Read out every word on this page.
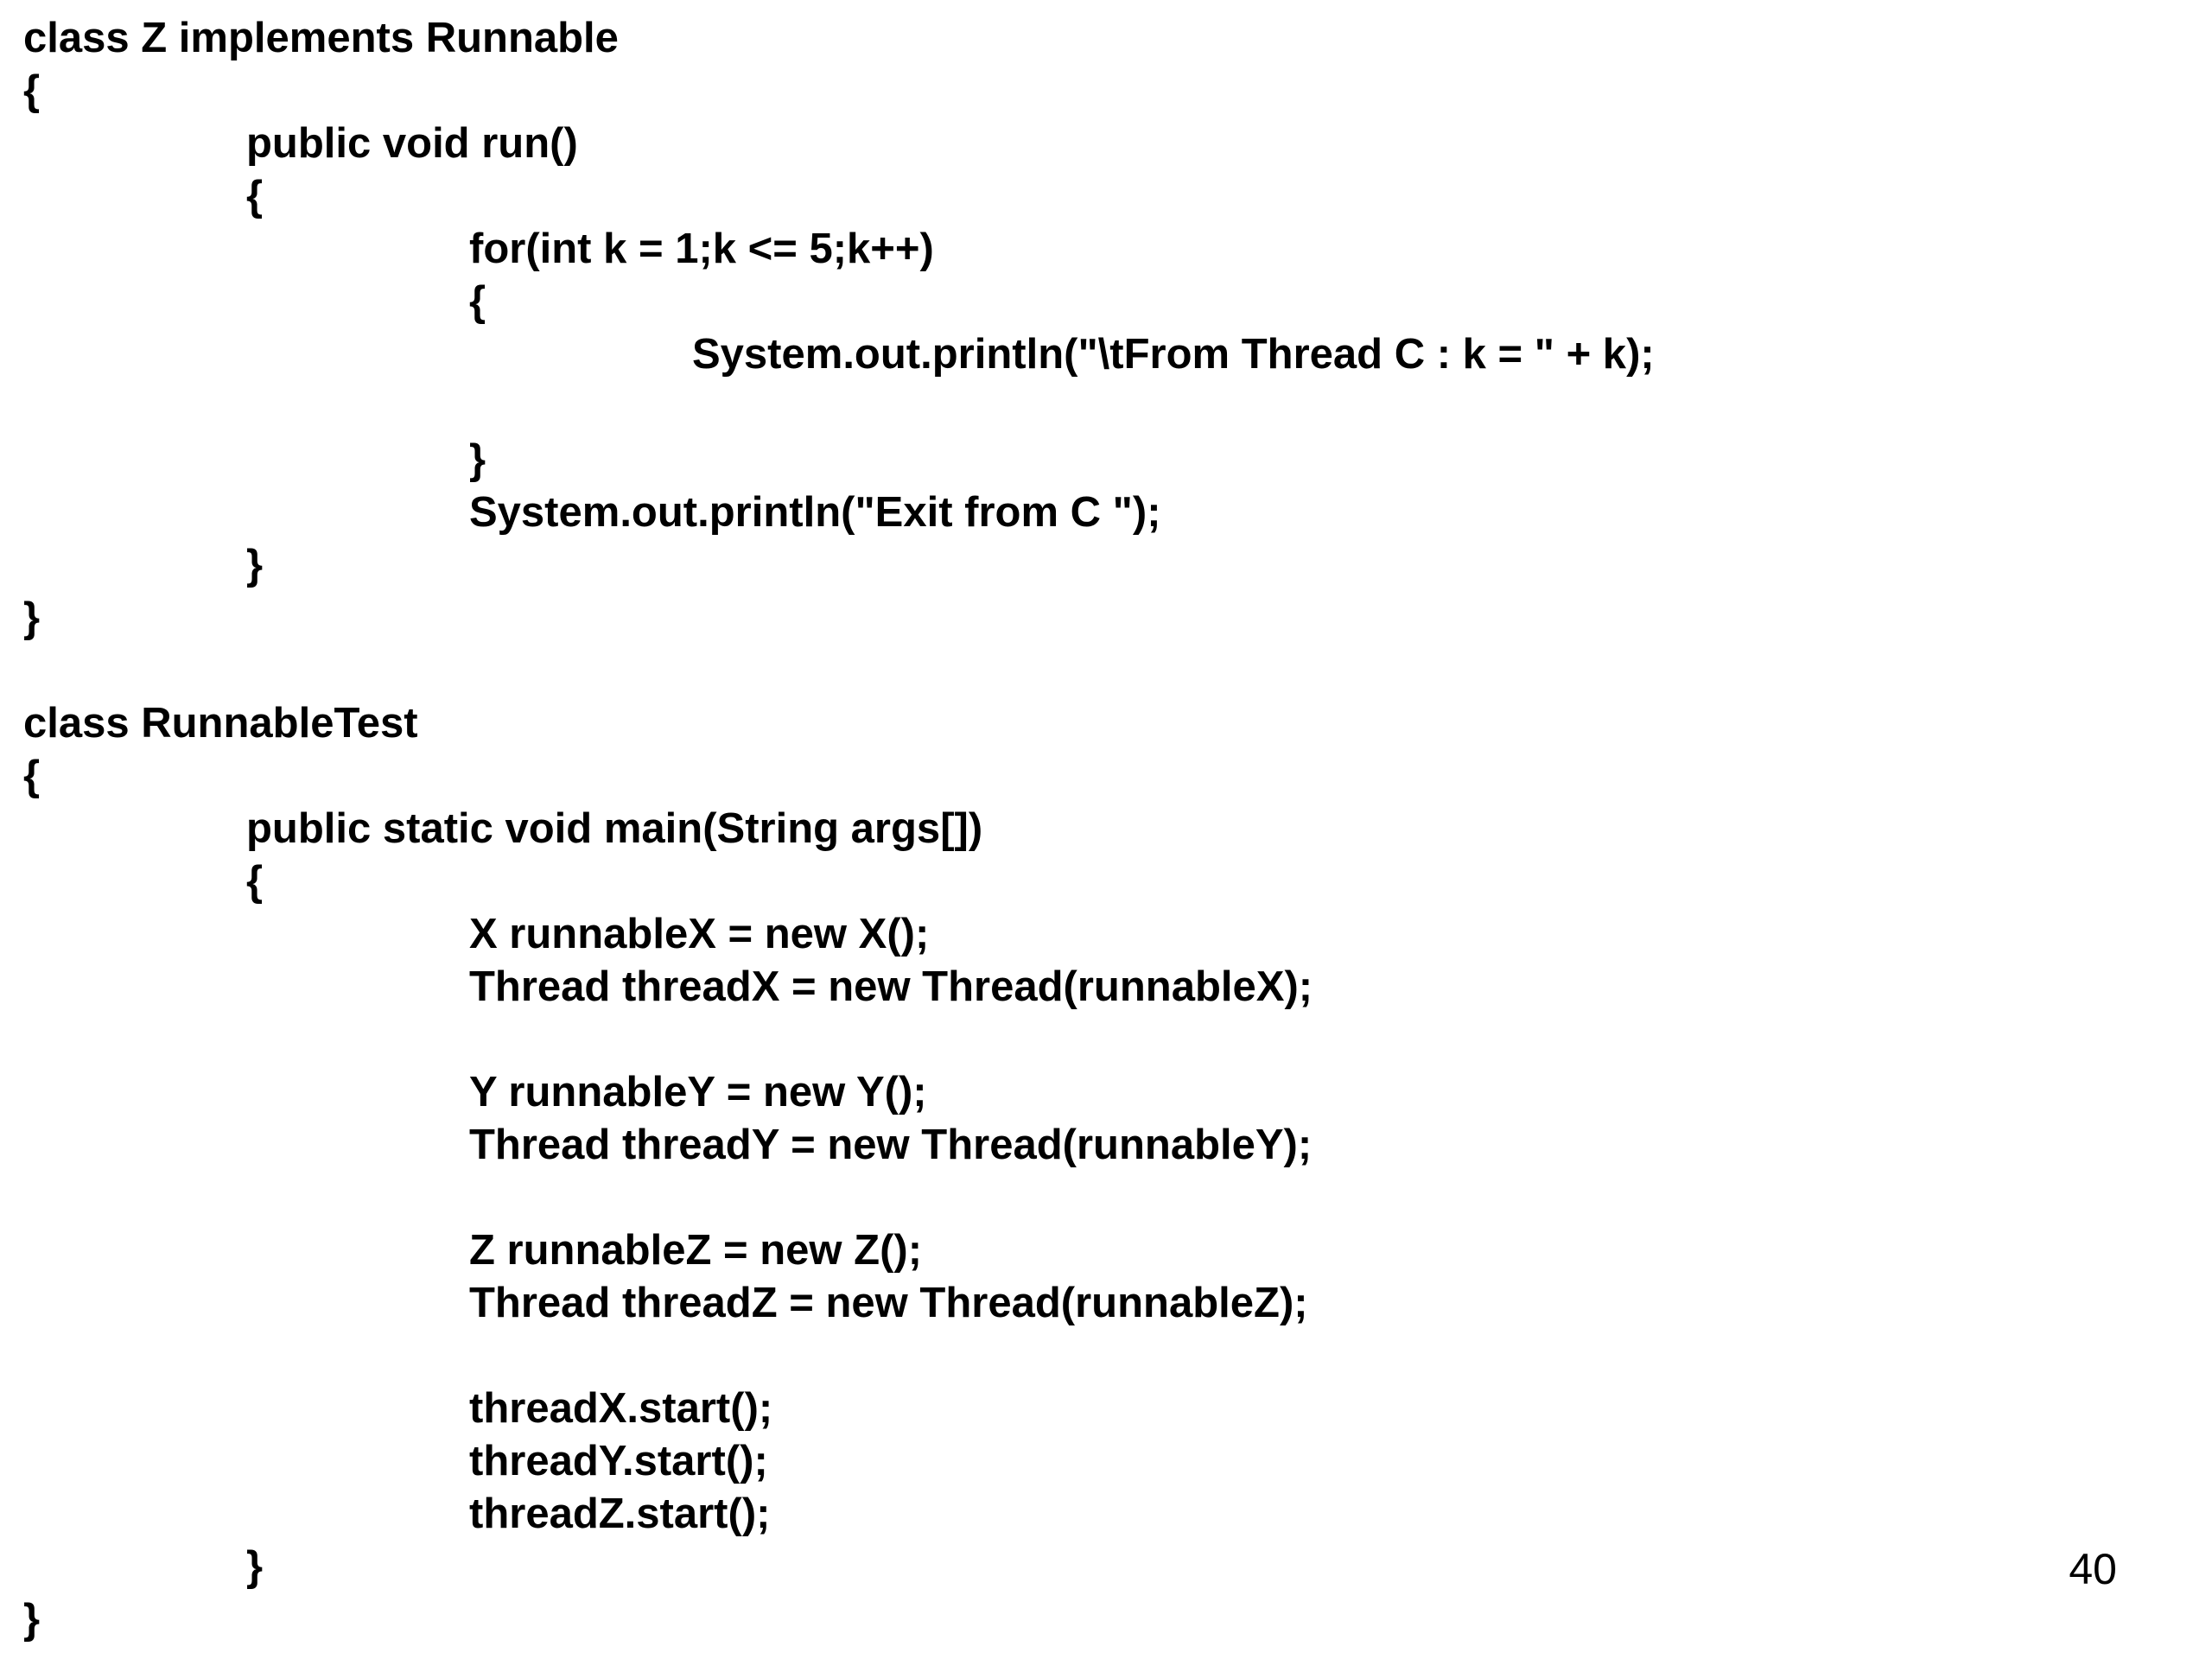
class Z implements Runnable
{
public void run()
{
for(int k = 1;k <= 5;k++)
{
System.out.println("\tFrom Thread C : k = " + k);
}
System.out.println("Exit from C ");
}
}
class RunnableTest
{
public static void main(String args[])
{
X runnableX = new X();
Thread threadX = new Thread(runnableX);
Y runnableY = new Y();
Thread threadY = new Thread(runnableY);
Z runnableZ = new Z();
Thread threadZ = new Thread(runnableZ);
threadX.start();
threadY.start();
threadZ.start();
}
}
40
